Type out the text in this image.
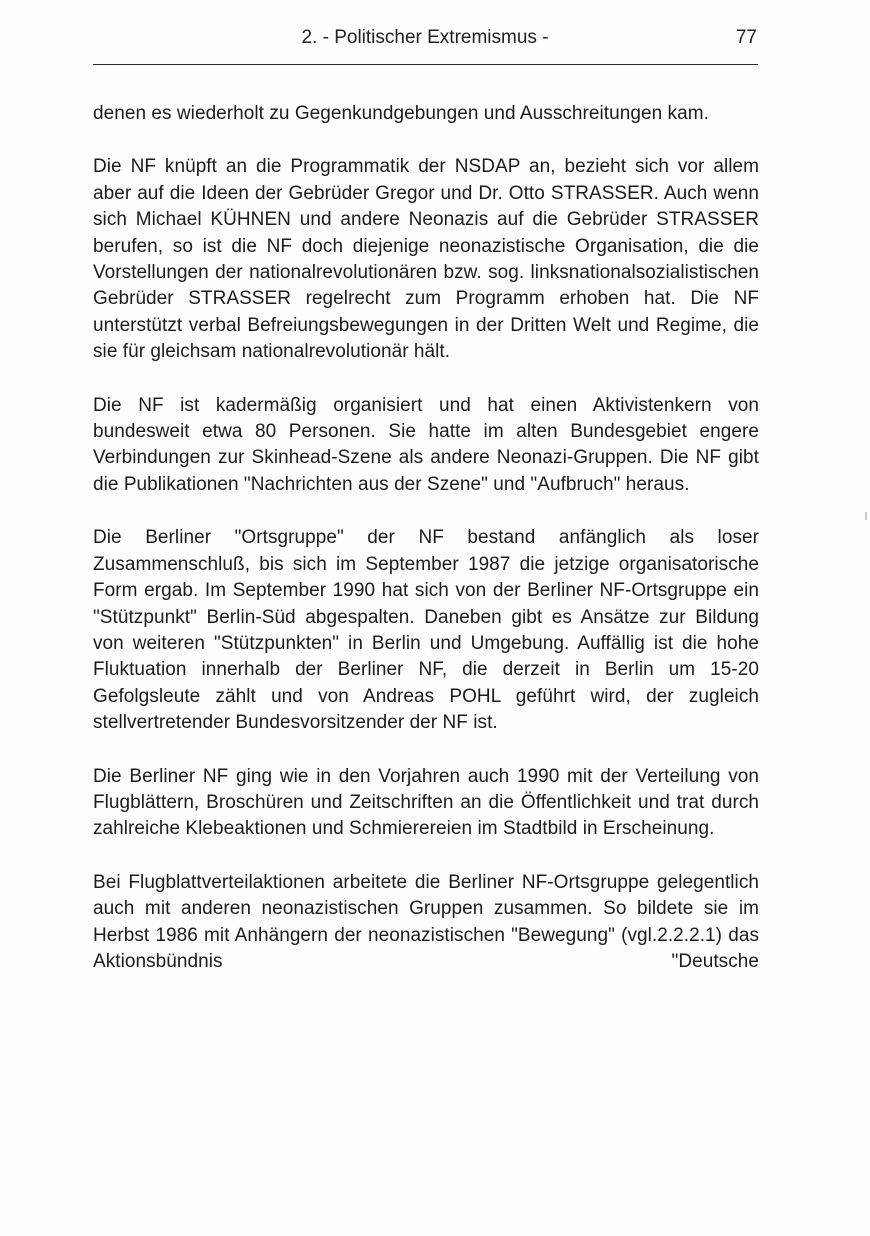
2. - Politischer Extremismus -	77

denen es wiederholt zu Gegenkundgebungen und Ausschreitungen kam.

Die NF knüpft an die Programmatik der NSDAP an, bezieht sich vor allem aber auf die Ideen der Gebrüder Gregor und Dr. Otto STRASSER. Auch wenn sich Michael KÜHNEN und andere Neonazis auf die Gebrüder STRASSER berufen, so ist die NF doch diejenige neonazistische Organisation, die die Vorstellungen der nationalrevolutionären bzw. sog. linksnationalsozialistischen Gebrüder STRASSER regelrecht zum Programm erhoben hat. Die NF unterstützt verbal Befreiungsbewegungen in der Dritten Welt und Regime, die sie für gleichsam nationalrevolutionär hält.

Die NF ist kadermäßig organisiert und hat einen Aktivistenkern von bundesweit etwa 80 Personen. Sie hatte im alten Bundesgebiet engere Verbindungen zur Skinhead-Szene als andere Neonazi-Gruppen. Die NF gibt die Publikationen "Nachrichten aus der Szene" und "Aufbruch" heraus.

Die Berliner "Ortsgruppe" der NF bestand anfänglich als loser Zusammenschluß, bis sich im September 1987 die jetzige organisatorische Form ergab. Im September 1990 hat sich von der Berliner NF-Ortsgruppe ein "Stützpunkt" Berlin-Süd abgespalten. Daneben gibt es Ansätze zur Bildung von weiteren "Stützpunkten" in Berlin und Umgebung. Auffällig ist die hohe Fluktuation innerhalb der Berliner NF, die derzeit in Berlin um 15-20 Gefolgsleute zählt und von Andreas POHL geführt wird, der zugleich stellvertretender Bundesvorsitzender der NF ist.

Die Berliner NF ging wie in den Vorjahren auch 1990 mit der Verteilung von Flugblättern, Broschüren und Zeitschriften an die Öffentlichkeit und trat durch zahlreiche Klebeaktionen und Schmierereien im Stadtbild in Erscheinung.

Bei Flugblattverteilaktionen arbeitete die Berliner NF-Ortsgruppe gelegentlich auch mit anderen neonazistischen Gruppen zusammen. So bildete sie im Herbst 1986 mit Anhängern der neonazistischen "Bewegung" (vgl.2.2.2.1) das Aktionsbündnis "Deutsche
